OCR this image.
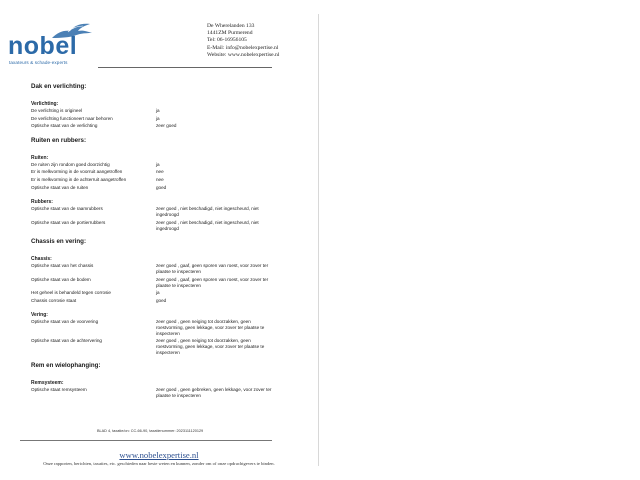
nobel
taxateurs & schade-experts
De Wherelanden 133
1441ZM Purmerend
Tel: 06-16956105
E-Mail: info@nobelexpertise.nl
Website: www.nobelexpertise.nl
Dak en verlichting:
Verlichting:
De verlichting is origineel	ja
De verlichting functioneert naar behoren	ja
Optische staat van de verlichting	zeer goed
Ruiten en rubbers:
Ruiten:
De ruiten zijn rondom goed doorzichtig	ja
Er is melkvorming in de voorruit aangetroffen	nee
Er is melkvorming in de achterruit aangetroffen	nee
Optische staat van de ruiten	goed
Rubbers:
Optische staat van de raamrubbers	zeer goed , niet beschadigd, niet ingescheurd, niet ingedroogd
Optische staat van de portierrubbers	zeer goed , niet beschadigd, niet ingescheurd, niet ingedroogd
Chassis en vering:
Chassis:
Optische staat van het chassis	zeer goed , gaaf, geen sporen van roest, voor zover ter plaatse te inspecteren
Optische staat van de bodem	zeer goed , gaaf, geen sporen van roest, voor zover ter plaatse te inspecteren
Het geheel is behandeld tegen corrosie	ja
Chassis corrosie staat	goed
Vering:
Optische staat van de voorvering	zeer goed , geen neiging tot doorzakken, geen roestvorming, geen lekkage, voor zover ter plaatse te inspecteren
Optische staat van de achtervering	zeer goed , geen neiging tot doorzakken, geen roestvorming, geen lekkage, voor zover ter plaatse te inspecteren
Rem en wielophanging:
Remsysteem:
Optische staat remsysteem	zeer goed , geen gebreken, geen lekkage, voor zover ter plaatse te inspecteren
BLAD 4, taxatie/on: CC-66-90, taxatienummer: 2023111120129
www.nobelexpertise.nl
Onze rapporten, berichten, taxaties, etc. geschieden naar beste weten en kunnen, zonder om of onze opdrachtgevers te binden.
